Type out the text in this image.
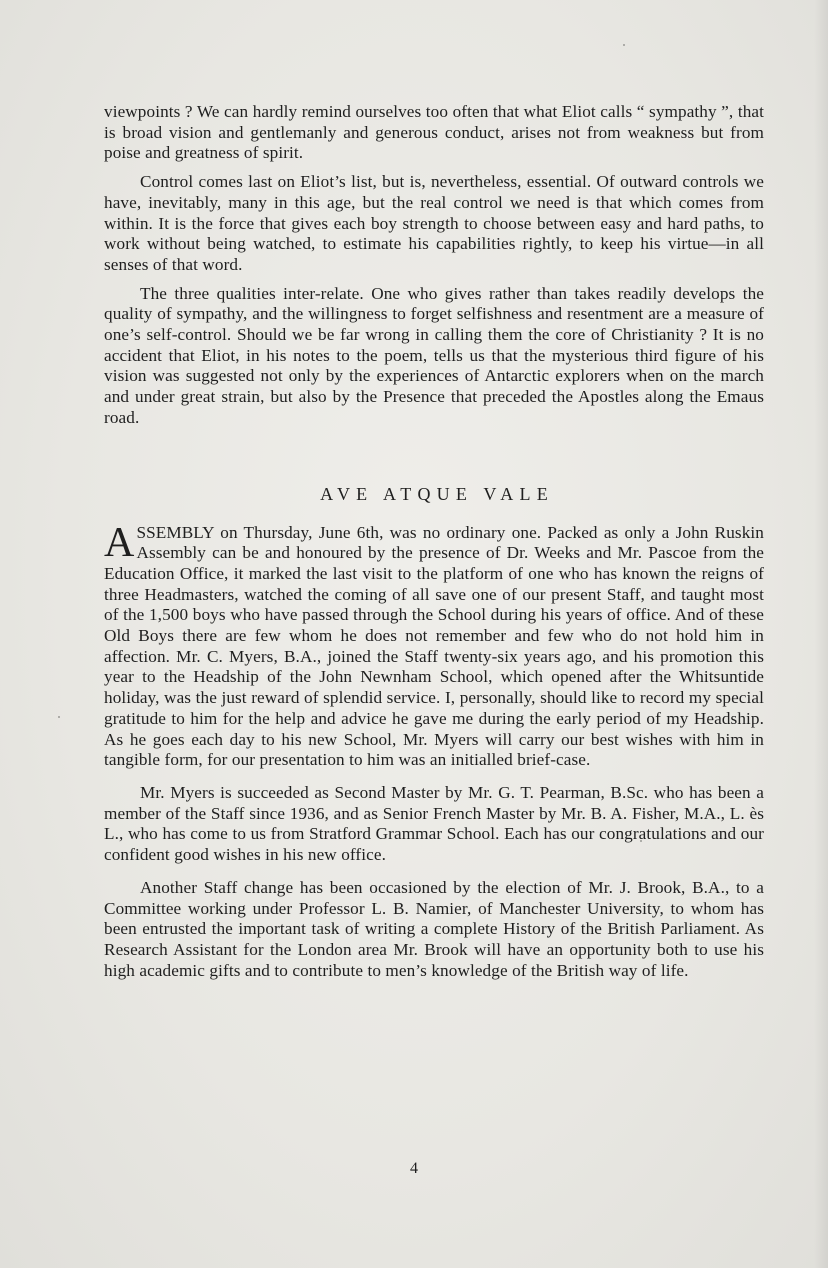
viewpoints ? We can hardly remind ourselves too often that what Eliot calls “ sympathy ”, that is broad vision and gentlemanly and generous conduct, arises not from weakness but from poise and greatness of spirit.

Control comes last on Eliot’s list, but is, nevertheless, essential. Of outward controls we have, inevitably, many in this age, but the real control we need is that which comes from within. It is the force that gives each boy strength to choose between easy and hard paths, to work without being watched, to estimate his capabilities rightly, to keep his virtue—in all senses of that word.

The three qualities inter-relate. One who gives rather than takes readily develops the quality of sympathy, and the willingness to forget selfishness and resentment are a measure of one’s self-control. Should we be far wrong in calling them the core of Christianity ? It is no accident that Eliot, in his notes to the poem, tells us that the mysterious third figure of his vision was suggested not only by the experiences of Antarctic explorers when on the march and under great strain, but also by the Presence that preceded the Apostles along the Emaus road.

AVE ATQUE VALE

ASSEMBLY on Thursday, June 6th, was no ordinary one. Packed as only a John Ruskin Assembly can be and honoured by the presence of Dr. Weeks and Mr. Pascoe from the Education Office, it marked the last visit to the platform of one who has known the reigns of three Headmasters, watched the coming of all save one of our present Staff, and taught most of the 1,500 boys who have passed through the School during his years of office. And of these Old Boys there are few whom he does not remember and few who do not hold him in affection. Mr. C. Myers, B.A., joined the Staff twenty-six years ago, and his promotion this year to the Headship of the John Newnham School, which opened after the Whitsuntide holiday, was the just reward of splendid service. I, personally, should like to record my special gratitude to him for the help and advice he gave me during the early period of my Headship. As he goes each day to his new School, Mr. Myers will carry our best wishes with him in tangible form, for our presentation to him was an initialled brief-case.

Mr. Myers is succeeded as Second Master by Mr. G. T. Pearman, B.Sc. who has been a member of the Staff since 1936, and as Senior French Master by Mr. B. A. Fisher, M.A., L. ès L., who has come to us from Stratford Grammar School. Each has our congratulations and our confident good wishes in his new office.

Another Staff change has been occasioned by the election of Mr. J. Brook, B.A., to a Committee working under Professor L. B. Namier, of Manchester University, to whom has been entrusted the important task of writing a complete History of the British Parliament. As Research Assistant for the London area Mr. Brook will have an opportunity both to use his high academic gifts and to contribute to men’s knowledge of the British way of life.

4
